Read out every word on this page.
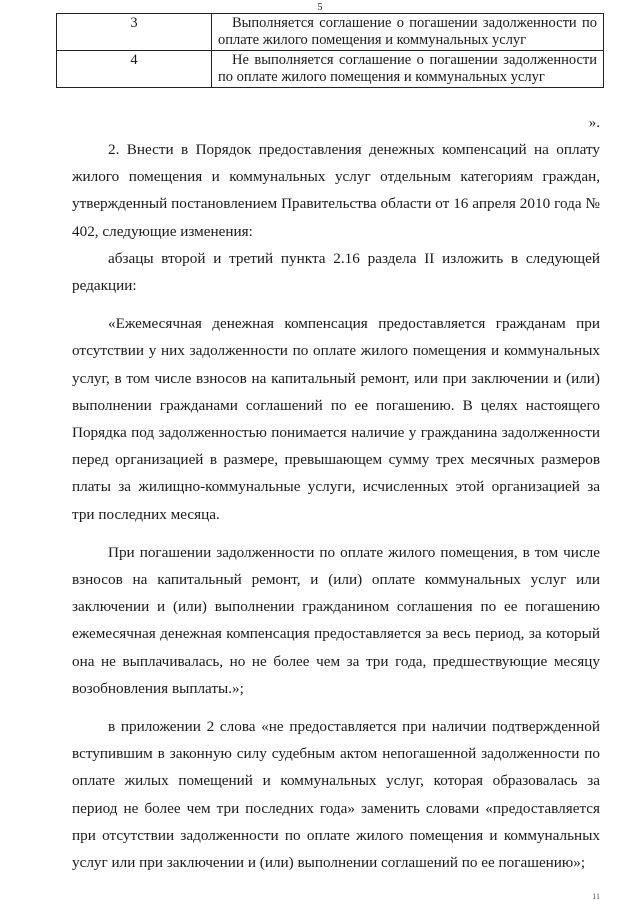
5
3	Выполняется соглашение о погашении задолженности по оплате жилого помещения и коммунальных услуг
4	Не выполняется соглашение о погашении задолженности по оплате жилого помещения и коммунальных услуг
».

2. Внести в Порядок предоставления денежных компенсаций на оплату жилого помещения и коммунальных услуг отдельным категориям граждан, утвержденный постановлением Правительства области от 16 апреля 2010 года № 402, следующие изменения:

абзацы второй и третий пункта 2.16 раздела II изложить в следующей редакции:

«Ежемесячная денежная компенсация предоставляется гражданам при отсутствии у них задолженности по оплате жилого помещения и коммунальных услуг, в том числе взносов на капитальный ремонт, или при заключении и (или) выполнении гражданами соглашений по ее погашению. В целях настоящего Порядка под задолженностью понимается наличие у гражданина задолженности перед организацией в размере, превышающем сумму трех месячных размеров платы за жилищно-коммунальные услуги, исчисленных этой организацией за три последних месяца.

При погашении задолженности по оплате жилого помещения, в том числе взносов на капитальный ремонт, и (или) оплате коммунальных услуг или заключении и (или) выполнении гражданином соглашения по ее погашению ежемесячная денежная компенсация предоставляется за весь период, за который она не выплачивалась, но не более чем за три года, предшествующие месяцу возобновления выплаты.»;

в приложении 2 слова «не предоставляется при наличии подтвержденной вступившим в законную силу судебным актом непогашенной задолженности по оплате жилых помещений и коммунальных услуг, которая образовалась за период не более чем три последних года» заменить словами «предоставляется при отсутствии задолженности по оплате жилого помещения и коммунальных услуг или при заключении и (или) выполнении соглашений по ее погашению»;

11
